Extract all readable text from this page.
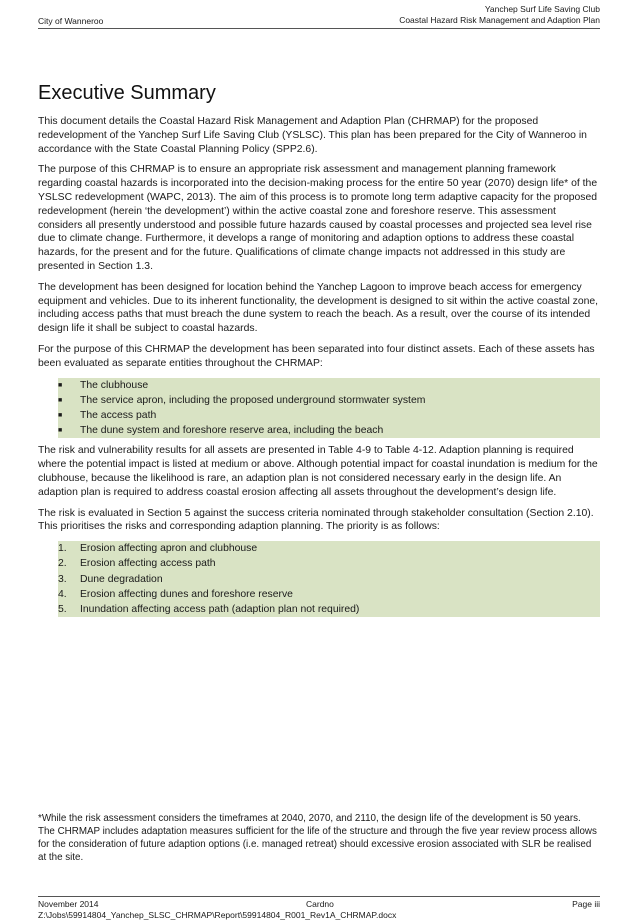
City of Wanneroo
Yanchep Surf Life Saving Club
Coastal Hazard Risk Management and Adaption Plan
Executive Summary

This document details the Coastal Hazard Risk Management and Adaption Plan (CHRMAP) for the proposed redevelopment of the Yanchep Surf Life Saving Club (YSLSC). This plan has been prepared for the City of Wanneroo in accordance with the State Coastal Planning Policy (SPP2.6).

The purpose of this CHRMAP is to ensure an appropriate risk assessment and management planning framework regarding coastal hazards is incorporated into the decision-making process for the entire 50 year (2070) design life* of the YSLSC redevelopment (WAPC, 2013). The aim of this process is to promote long term adaptive capacity for the proposed redevelopment (herein ‘the development’) within the active coastal zone and foreshore reserve. This assessment considers all presently understood and possible future hazards caused by coastal processes and projected sea level rise due to climate change. Furthermore, it develops a range of monitoring and adaption options to address these coastal hazards, for the present and for the future. Qualifications of climate change impacts not addressed in this study are presented in Section 1.3.

The development has been designed for location behind the Yanchep Lagoon to improve beach access for emergency equipment and vehicles. Due to its inherent functionality, the development is designed to sit within the active coastal zone, including access paths that must breach the dune system to reach the beach. As a result, over the course of its intended design life it shall be subject to coastal hazards.

For the purpose of this CHRMAP the development has been separated into four distinct assets. Each of these assets has been evaluated as separate entities throughout the CHRMAP:

■	The clubhouse
■	The service apron, including the proposed underground stormwater system
■	The access path
■	The dune system and foreshore reserve area, including the beach

The risk and vulnerability results for all assets are presented in Table 4-9 to Table 4-12. Adaption planning is required where the potential impact is listed at medium or above. Although potential impact for coastal inundation is medium for the clubhouse, because the likelihood is rare, an adaption plan is not considered necessary early in the design life. An adaption plan is required to address coastal erosion affecting all assets throughout the development’s design life.

The risk is evaluated in Section 5 against the success criteria nominated through stakeholder consultation (Section 2.10). This prioritises the risks and corresponding adaption planning. The priority is as follows:

1.	Erosion affecting apron and clubhouse
2.	Erosion affecting access path
3.	Dune degradation
4.	Erosion affecting dunes and foreshore reserve
5.	Inundation affecting access path (adaption plan not required)

*While the risk assessment considers the timeframes at 2040, 2070, and 2110, the design life of the development is 50 years. The CHRMAP includes adaptation measures sufficient for the life of the structure and through the five year review process allows for the consideration of future adaption options (i.e. managed retreat) should excessive erosion associated with SLR be realised at the site.

November 2014	Cardno	Page iii
Z:\Jobs\59914804_Yanchep_SLSC_CHRMAP\Report\59914804_R001_Rev1A_CHRMAP.docx
